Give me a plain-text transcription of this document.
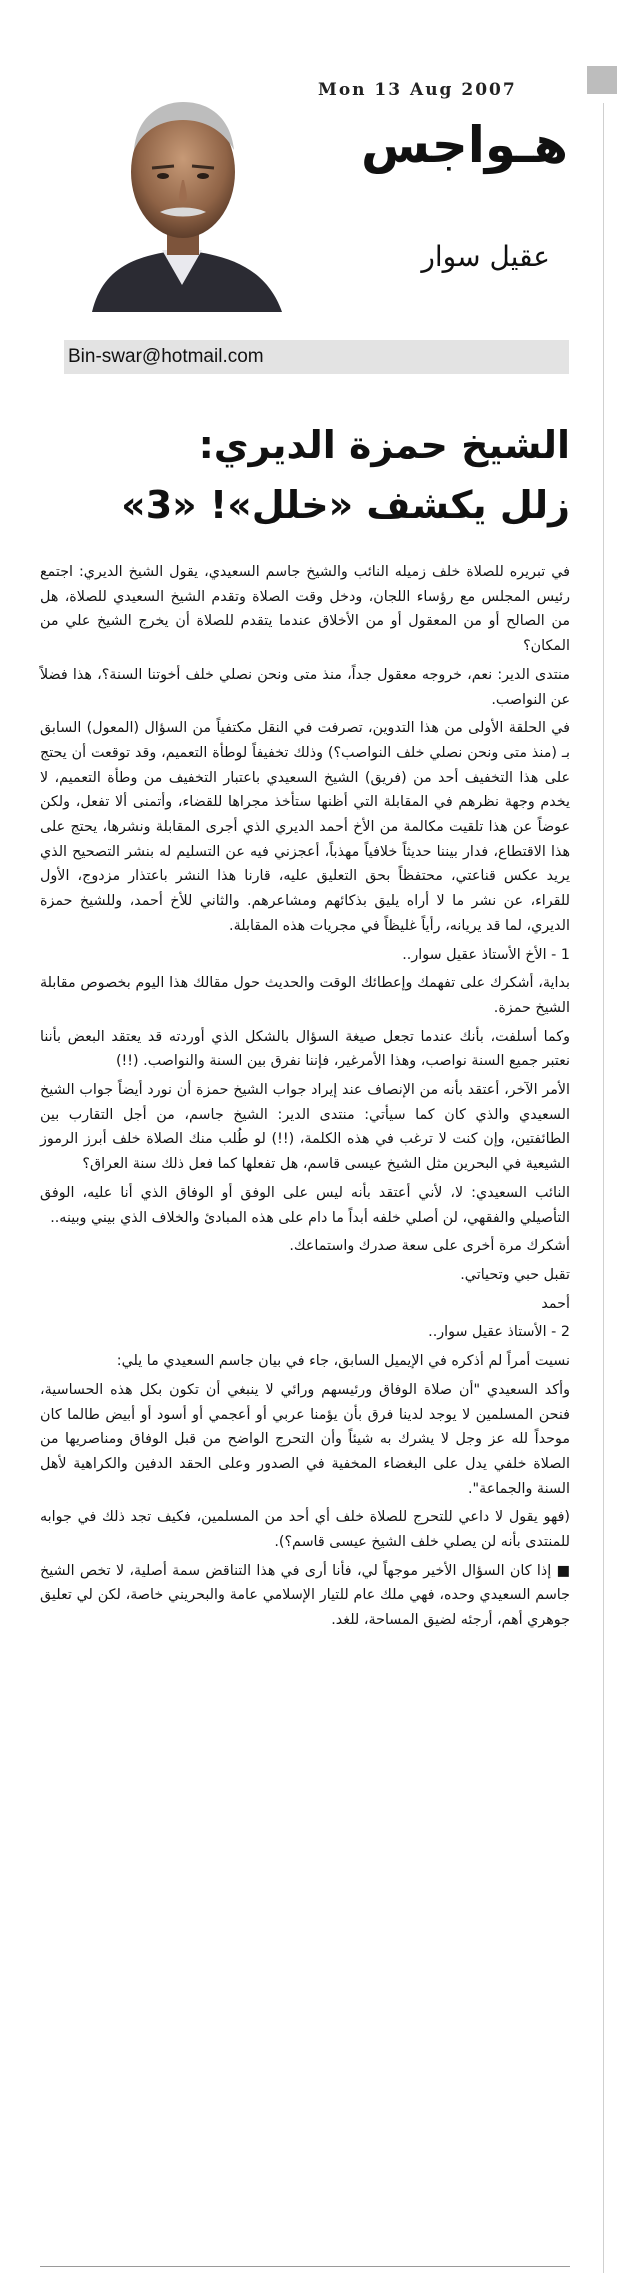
Mon 13 Aug 2007
هـواجس
عقيل سوار
Bin-swar@hotmail.com
الشيخ حمزة الديري:
زلل يكشف «خلل»! «3»

في تبريره للصلاة خلف زميله النائب والشيخ جاسم السعيدي، يقول الشيخ الديري: اجتمع رئيس المجلس مع رؤساء اللجان، ودخل وقت الصلاة وتقدم الشيخ السعيدي للصلاة، هل من الصالح أو من المعقول أو من الأخلاق عندما يتقدم للصلاة أن يخرج الشيخ علي من المكان؟

منتدى الدير: نعم، خروجه معقول جداً، منذ متى ونحن نصلي خلف أخوتنا السنة؟، هذا فضلاً عن النواصب.

في الحلقة الأولى من هذا التدوين، تصرفت في النقل مكتفياً من السؤال (المعول) السابق بـ (منذ متى ونحن نصلي خلف النواصب؟) وذلك تخفيفاً لوطأة التعميم، وقد توقعت أن يحتج على هذا التخفيف أحد من (فريق) الشيخ السعيدي باعتبار التخفيف من وطأة التعميم، لا يخدم وجهة نظرهم في المقابلة التي أظنها ستأخذ مجراها للقضاء، وأتمنى ألا تفعل، ولكن عوضاً عن هذا تلقيت مكالمة من الأخ أحمد الديري الذي أجرى المقابلة ونشرها، يحتج على هذا الاقتطاع، فدار بيننا حديثاً خلافياً مهذباً، أعجزني فيه عن التسليم له بنشر التصحيح الذي يريد عكس قناعتي، محتفظاً بحق التعليق عليه، قارنا هذا النشر باعتذار مزدوج، الأول للقراء، عن نشر ما لا أراه يليق بذكائهم ومشاعرهم. والثاني للأخ أحمد، وللشيخ حمزة الديري، لما قد يريانه، رأياً غليظاً في مجريات هذه المقابلة.

1 - الأخ الأستاذ عقيل سوار..

بداية، أشكرك على تفهمك وإعطائك الوقت والحديث حول مقالك هذا اليوم بخصوص مقابلة الشيخ حمزة.

وكما أسلفت، بأنك عندما تجعل صيغة السؤال بالشكل الذي أوردته قد يعتقد البعض بأننا نعتبر جميع السنة نواصب، وهذا الأمرغير، فإننا نفرق بين السنة والنواصب. (!!)

الأمر الآخر، أعتقد بأنه من الإنصاف عند إيراد جواب الشيخ حمزة أن نورد أيضاً جواب الشيخ السعيدي والذي كان كما سيأتي: منتدى الدير: الشيخ جاسم، من أجل التقارب بين الطائفتين، وإن كنت لا ترغب في هذه الكلمة، (!!) لو طُلب منك الصلاة خلف أبرز الرموز الشيعية في البحرين مثل الشيخ عيسى قاسم، هل تفعلها كما فعل ذلك سنة العراق؟

النائب السعيدي: لا، لأني أعتقد بأنه ليس على الوفق أو الوفاق الذي أنا عليه، الوفق التأصيلي والفقهي، لن أصلي خلفه أبداً ما دام على هذه المبادئ والخلاف الذي بيني وبينه..

أشكرك مرة أخرى على سعة صدرك واستماعك.

تقبل حبي وتحياتي.

أحمد

2 - الأستاذ عقيل سوار..

نسيت أمراً لم أذكره في الإيميل السابق، جاء في بيان جاسم السعيدي ما يلي:

وأكد السعيدي "أن صلاة الوفاق ورئيسهم ورائي لا ينبغي أن تكون بكل هذه الحساسية، فنحن المسلمين لا يوجد لدينا فرق بأن يؤمنا عربي أو أعجمي أو أسود أو أبيض طالما كان موحداً لله عز وجل لا يشرك به شيئاً وأن التحرج الواضح من قبل الوفاق ومناصريها من الصلاة خلفي يدل على البغضاء المخفية في الصدور وعلى الحقد الدفين والكراهية لأهل السنة والجماعة".

(فهو يقول لا داعي للتحرج للصلاة خلف أي أحد من المسلمين، فكيف تجد ذلك في جوابه للمنتدى بأنه لن يصلي خلف الشيخ عيسى قاسم؟).

■ إذا كان السؤال الأخير موجهاً لي، فأنا أرى في هذا التناقض سمة أصلية، لا تخص الشيخ جاسم السعيدي وحده، فهي ملك عام للتيار الإسلامي عامة والبحريني خاصة، لكن لي تعليق جوهري أهم، أرجئه لضيق المساحة، للغد.
